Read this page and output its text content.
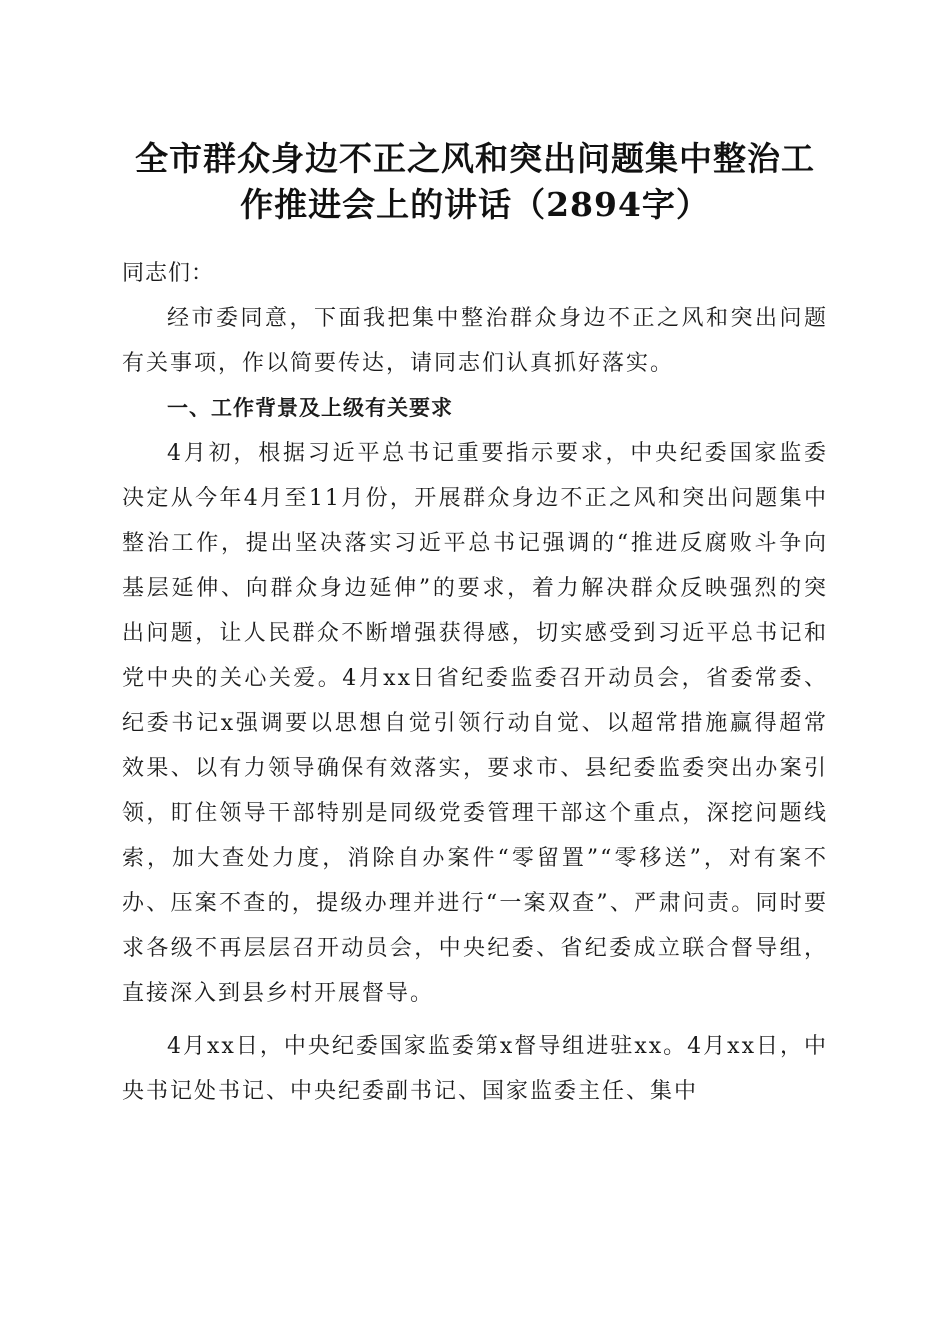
全市群众身边不正之风和突出问题集中整治工
作推进会上的讲话（2894字）

同志们：

经市委同意，下面我把集中整治群众身边不正之风和突出问题有关事项，作以简要传达，请同志们认真抓好落实。

一、工作背景及上级有关要求

4月初，根据习近平总书记重要指示要求，中央纪委国家监委决定从今年4月至11月份，开展群众身边不正之风和突出问题集中整治工作，提出坚决落实习近平总书记强调的“推进反腐败斗争向基层延伸、向群众身边延伸”的要求，着力解决群众反映强烈的突出问题，让人民群众不断增强获得感，切实感受到习近平总书记和党中央的关心关爱。4月xx日省纪委监委召开动员会，省委常委、纪委书记x强调要以思想自觉引领行动自觉、以超常措施赢得超常效果、以有力领导确保有效落实，要求市、县纪委监委突出办案引领，盯住领导干部特别是同级党委管理干部这个重点，深挖问题线索，加大查处力度，消除自办案件“零留置”“零移送”，对有案不办、压案不查的，提级办理并进行“一案双查”、严肃问责。同时要求各级不再层层召开动员会，中央纪委、省纪委成立联合督导组，直接深入到县乡村开展督导。

4月xx日，中央纪委国家监委第x督导组进驻xx。4月xx日，中央书记处书记、中央纪委副书记、国家监委主任、集中
